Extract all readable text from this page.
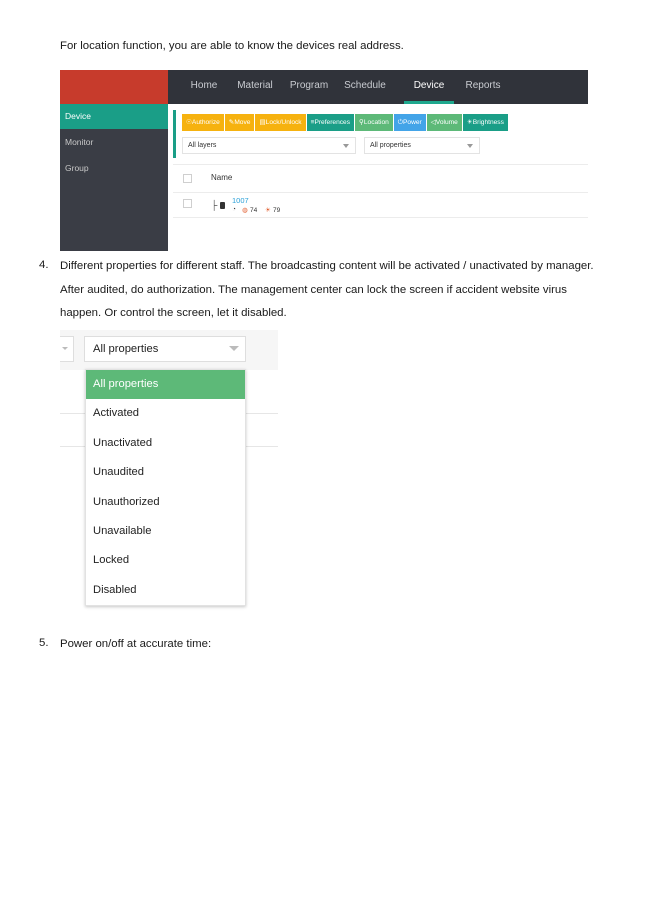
For location function, you are able to know the devices real address.
Home	Material	Program	Schedule	Device	Reports
Device
Monitor
Group
☉Authorize	✎Move	▤Lock/Unlock	≡Preferences	⚲Location	⏻Power	◁Volume	☀Brightness
All layers	All properties
Name
├ 1007
◔ ◍ 74 ☀ 79
4. Different properties for different staff. The broadcasting content will be activated / unactivated by manager.
After audited, do authorization. The management center can lock the screen if accident website virus
happen. Or control the screen, let it disabled.
All properties
All properties
Activated
Unactivated
Unaudited
Unauthorized
Unavailable
Locked
Disabled
5. Power on/off at accurate time:
